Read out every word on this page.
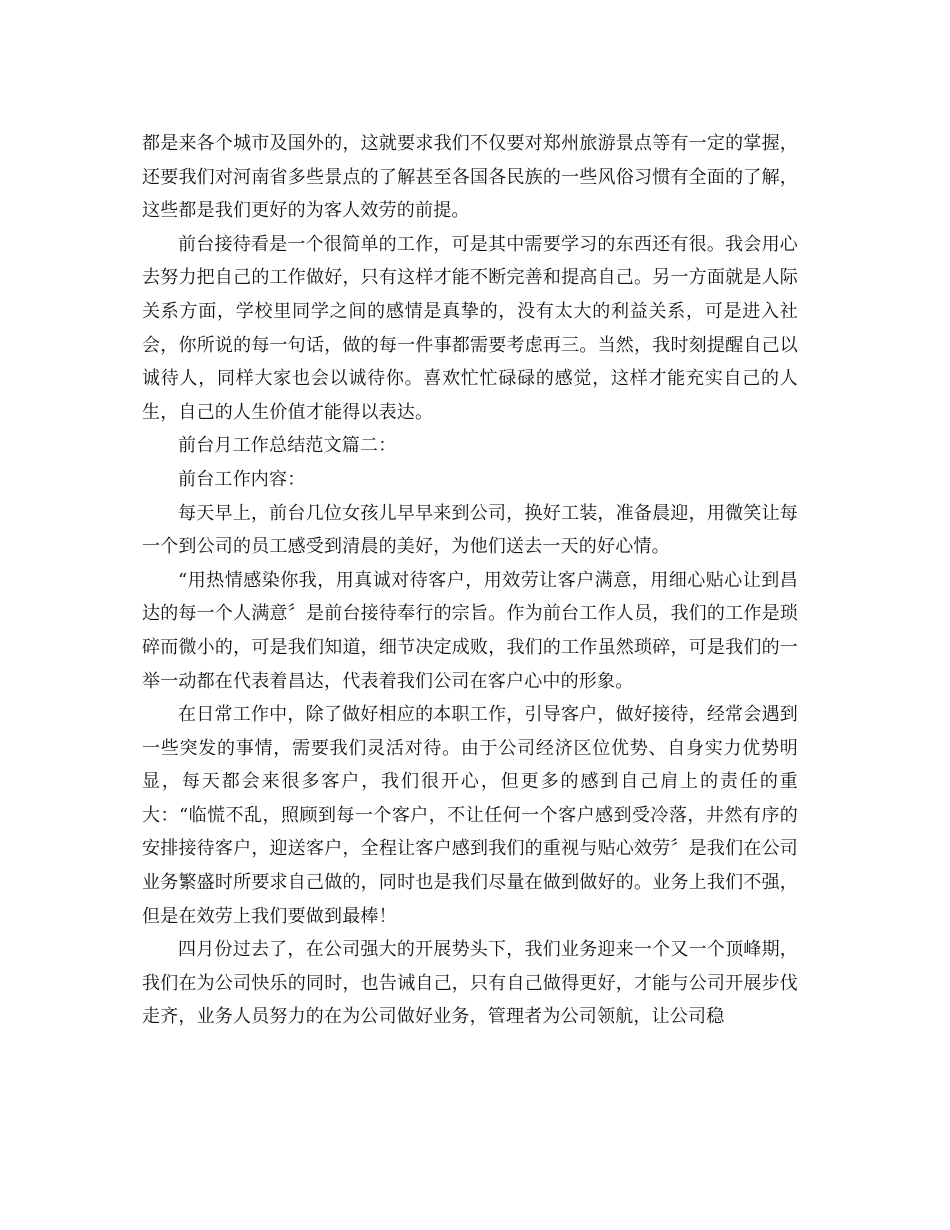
都是来各个城市及国外的，这就要求我们不仅要对郑州旅游景点等有一定的掌握，还要我们对河南省多些景点的了解甚至各国各民族的一些风俗习惯有全面的了解，这些都是我们更好的为客人效劳的前提。

前台接待看是一个很简单的工作，可是其中需要学习的东西还有很。我会用心去努力把自己的工作做好，只有这样才能不断完善和提高自己。另一方面就是人际关系方面，学校里同学之间的感情是真挚的，没有太大的利益关系，可是进入社会，你所说的每一句话，做的每一件事都需要考虑再三。当然，我时刻提醒自己以诚待人，同样大家也会以诚待你。喜欢忙忙碌碌的感觉，这样才能充实自己的人生，自己的人生价值才能得以表达。

前台月工作总结范文篇二：

前台工作内容：

每天早上，前台几位女孩儿早早来到公司，换好工装，准备晨迎，用微笑让每一个到公司的员工感受到清晨的美好，为他们送去一天的好心情。

“用热情感染你我，用真诚对待客户，用效劳让客户满意，用细心贴心让到昌达的每一个人满意〞是前台接待奉行的宗旨。作为前台工作人员，我们的工作是琐碎而微小的，可是我们知道，细节决定成败，我们的工作虽然琐碎，可是我们的一举一动都在代表着昌达，代表着我们公司在客户心中的形象。

在日常工作中，除了做好相应的本职工作，引导客户，做好接待，经常会遇到一些突发的事情，需要我们灵活对待。由于公司经济区位优势、自身实力优势明显，每天都会来很多客户，我们很开心，但更多的感到自己肩上的责任的重大：“临慌不乱，照顾到每一个客户，不让任何一个客户感到受冷落，井然有序的安排接待客户，迎送客户，全程让客户感到我们的重视与贴心效劳〞是我们在公司业务繁盛时所要求自己做的，同时也是我们尽量在做到做好的。业务上我们不强，但是在效劳上我们要做到最棒！

四月份过去了，在公司强大的开展势头下，我们业务迎来一个又一个顶峰期，我们在为公司快乐的同时，也告诫自己，只有自己做得更好，才能与公司开展步伐走齐，业务人员努力的在为公司做好业务，管理者为公司领航，让公司稳
